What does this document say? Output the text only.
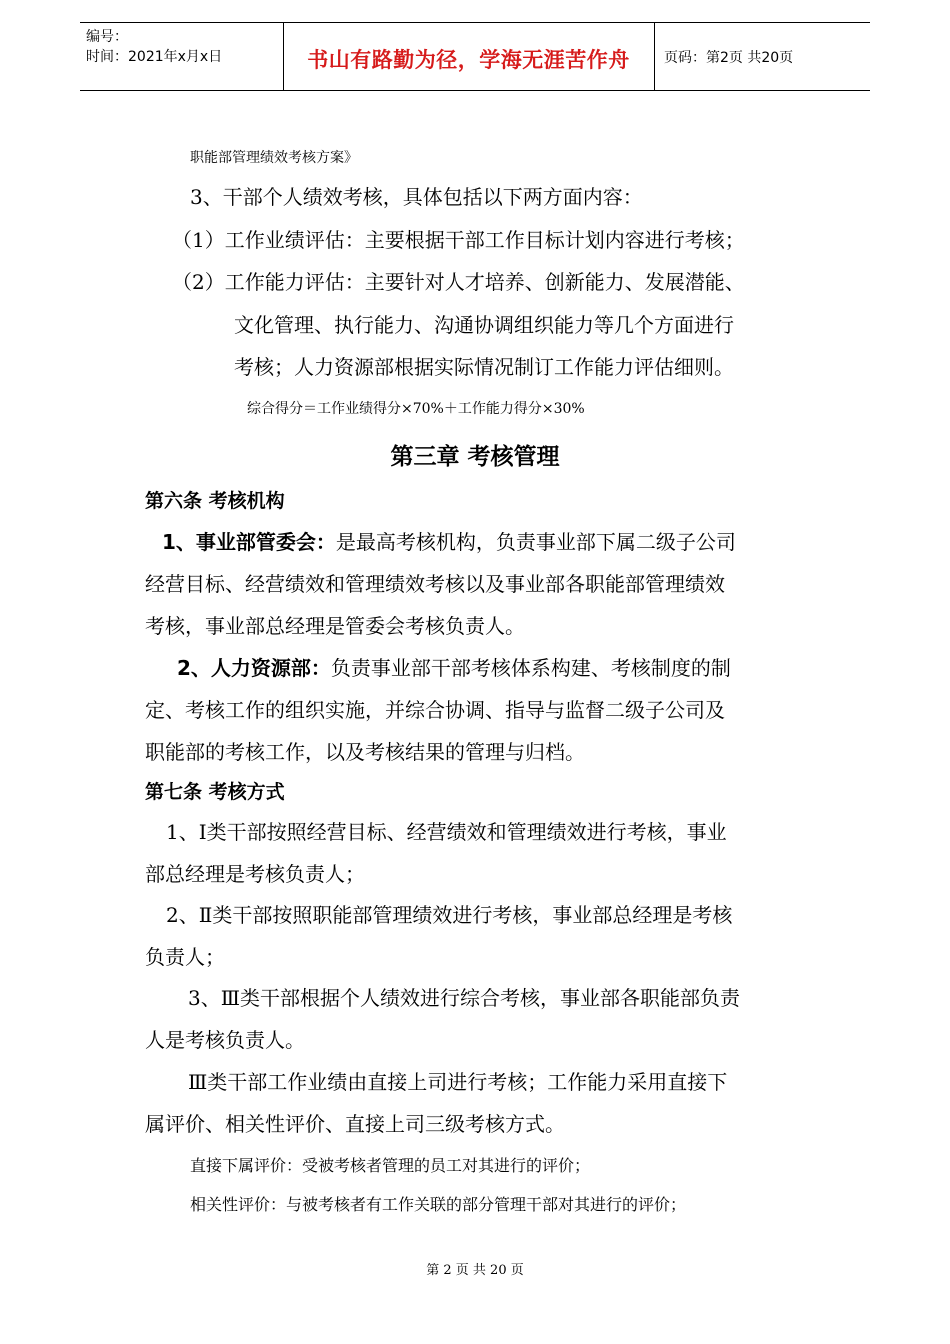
编号：
时间：2021年x月x日	书山有路勤为径，学海无涯苦作舟	页码：第2页 共20页
职能部管理绩效考核方案》
3、干部个人绩效考核，具体包括以下两方面内容：
（1）工作业绩评估：主要根据干部工作目标计划内容进行考核；
（2）工作能力评估：主要针对人才培养、创新能力、发展潜能、
文化管理、执行能力、沟通协调组织能力等几个方面进行
考核；人力资源部根据实际情况制订工作能力评估细则。
综合得分＝工作业绩得分×70%＋工作能力得分×30%
第三章 考核管理
第六条 考核机构
1、事业部管委会：是最高考核机构，负责事业部下属二级子公司
经营目标、经营绩效和管理绩效考核以及事业部各职能部管理绩效
考核，事业部总经理是管委会考核负责人。
2、人力资源部：负责事业部干部考核体系构建、考核制度的制
定、考核工作的组织实施，并综合协调、指导与监督二级子公司及
职能部的考核工作，以及考核结果的管理与归档。
第七条 考核方式
1、Ⅰ类干部按照经营目标、经营绩效和管理绩效进行考核，事业
部总经理是考核负责人；
2、Ⅱ类干部按照职能部管理绩效进行考核，事业部总经理是考核
负责人；
3、Ⅲ类干部根据个人绩效进行综合考核，事业部各职能部负责
人是考核负责人。
Ⅲ类干部工作业绩由直接上司进行考核；工作能力采用直接下
属评价、相关性评价、直接上司三级考核方式。
直接下属评价：受被考核者管理的员工对其进行的评价；
相关性评价：与被考核者有工作关联的部分管理干部对其进行的评价；
第 2 页 共 20 页
